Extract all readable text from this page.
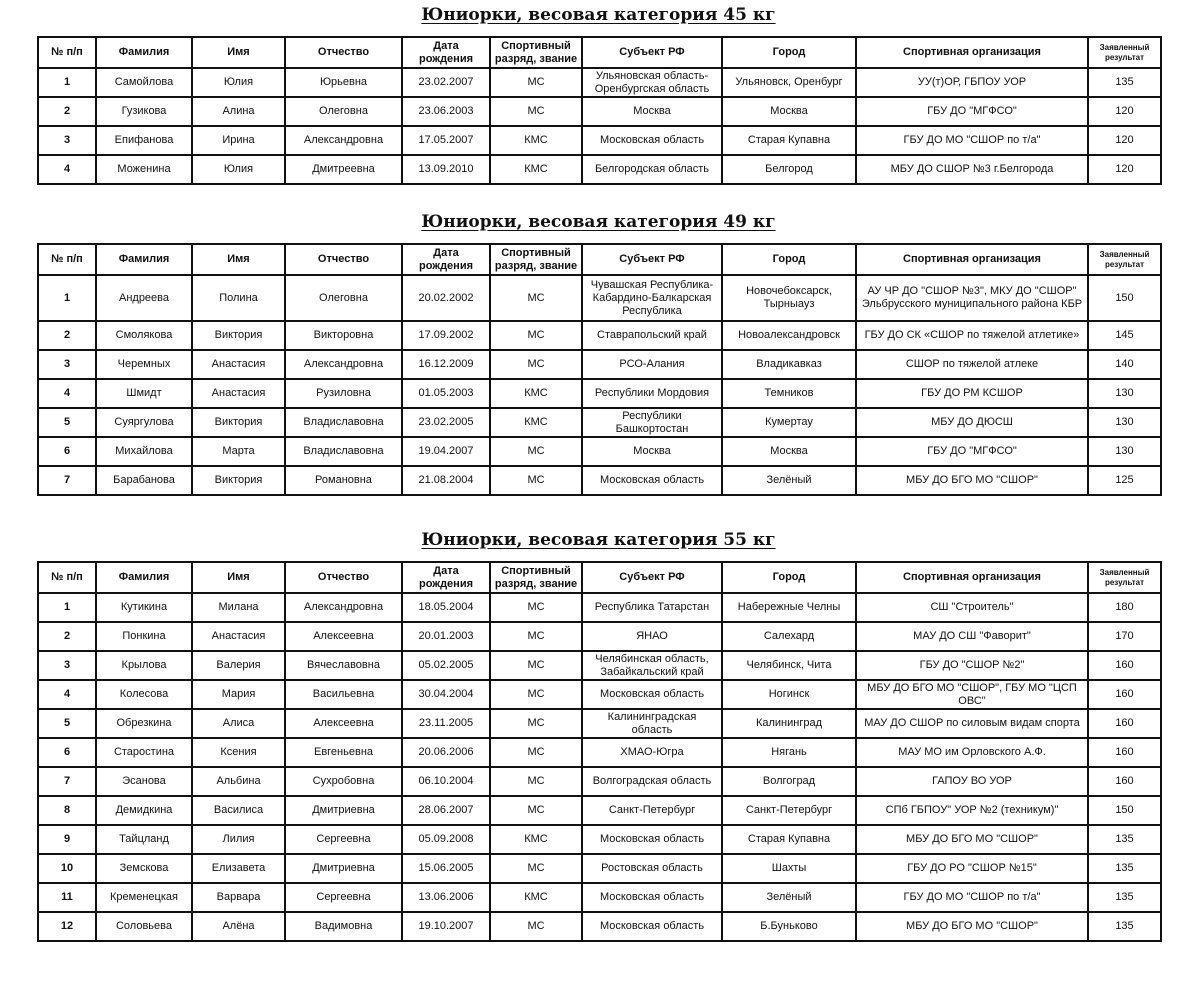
Юниорки, весовая категория 45 кг
№ п/п	Фамилия	Имя	Отчество	Дата рождения	Спортивный разряд, звание	Субъект РФ	Город	Спортивная организация	Заявленный результат
1	Самойлова	Юлия	Юрьевна	23.02.2007	МС	Ульяновская область-Оренбургская область	Ульяновск, Оренбург	УУ(т)ОР, ГБПОУ УОР	135
2	Гузикова	Алина	Олеговна	23.06.2003	МС	Москва	Москва	ГБУ ДО "МГФСО"	120
3	Епифанова	Ирина	Александровна	17.05.2007	КМС	Московская область	Старая Купавна	ГБУ ДО МО "СШОР по т/а"	120
4	Моженина	Юлия	Дмитреевна	13.09.2010	КМС	Белгородская область	Белгород	МБУ ДО СШОР №3 г.Белгорода	120
Юниорки, весовая категория 49 кг
№ п/п	Фамилия	Имя	Отчество	Дата рождения	Спортивный разряд, звание	Субъект РФ	Город	Спортивная организация	Заявленный результат
1	Андреева	Полина	Олеговна	20.02.2002	МС	Чувашская Республика-Кабардино-Балкарская Республика	Новочебоксарск, Тырныауз	АУ ЧР ДО "СШОР №3", МКУ ДО "СШОР" Эльбрусского муниципального района КБР	150
2	Смолякова	Виктория	Викторовна	17.09.2002	МС	Ставрапольский край	Новоалександровск	ГБУ ДО СК «СШОР по тяжелой атлетике»	145
3	Черемных	Анастасия	Александровна	16.12.2009	МС	РСО-Алания	Владикавказ	СШОР по тяжелой атлеке	140
4	Шмидт	Анастасия	Рузиловна	01.05.2003	КМС	Республики Мордовия	Темников	ГБУ ДО РМ КСШОР	130
5	Суяргулова	Виктория	Владиславовна	23.02.2005	КМС	Республики Башкортостан	Кумертау	МБУ ДО ДЮСШ	130
6	Михайлова	Марта	Владиславовна	19.04.2007	МС	Москва	Москва	ГБУ ДО "МГФСО"	130
7	Барабанова	Виктория	Романовна	21.08.2004	МС	Московская область	Зелёный	МБУ ДО БГО МО "СШОР"	125
Юниорки, весовая категория 55 кг
№ п/п	Фамилия	Имя	Отчество	Дата рождения	Спортивный разряд, звание	Субъект РФ	Город	Спортивная организация	Заявленный результат
1	Кутикина	Милана	Александровна	18.05.2004	МС	Республика Татарстан	Набережные Челны	СШ "Строитель"	180
2	Понкина	Анастасия	Алексеевна	20.01.2003	МС	ЯНАО	Салехард	МАУ ДО СШ "Фаворит"	170
3	Крылова	Валерия	Вячеславовна	05.02.2005	МС	Челябинская область, Забайкальский край	Челябинск, Чита	ГБУ ДО "СШОР №2"	160
4	Колесова	Мария	Васильевна	30.04.2004	МС	Московская область	Ногинск	МБУ ДО БГО МО "СШОР", ГБУ МО "ЦСП ОВС"	160
5	Обрезкина	Алиса	Алексеевна	23.11.2005	МС	Калининградская область	Калининград	МАУ ДО СШОР по силовым видам спорта	160
6	Старостина	Ксения	Евгеньевна	20.06.2006	МС	ХМАО-Югра	Нягань	МАУ МО им Орловского А.Ф.	160
7	Эсанова	Альбина	Сухробовна	06.10.2004	МС	Волгоградская область	Волгоград	ГАПОУ ВО УОР	160
8	Демидкина	Василиса	Дмитриевна	28.06.2007	МС	Санкт-Петербург	Санкт-Петербург	СПб ГБПОУ" УОР №2 (техникум)"	150
9	Тайцланд	Лилия	Сергеевна	05.09.2008	КМС	Московская область	Старая Купавна	МБУ ДО БГО МО "СШОР"	135
10	Земскова	Елизавета	Дмитриевна	15.06.2005	МС	Ростовская область	Шахты	ГБУ ДО РО "СШОР №15"	135
11	Кременецкая	Варвара	Сергеевна	13.06.2006	КМС	Московская область	Зелёный	ГБУ ДО МО "СШОР по т/а"	135
12	Соловьева	Алёна	Вадимовна	19.10.2007	МС	Московская область	Б.Буньково	МБУ ДО БГО МО "СШОР"	135
